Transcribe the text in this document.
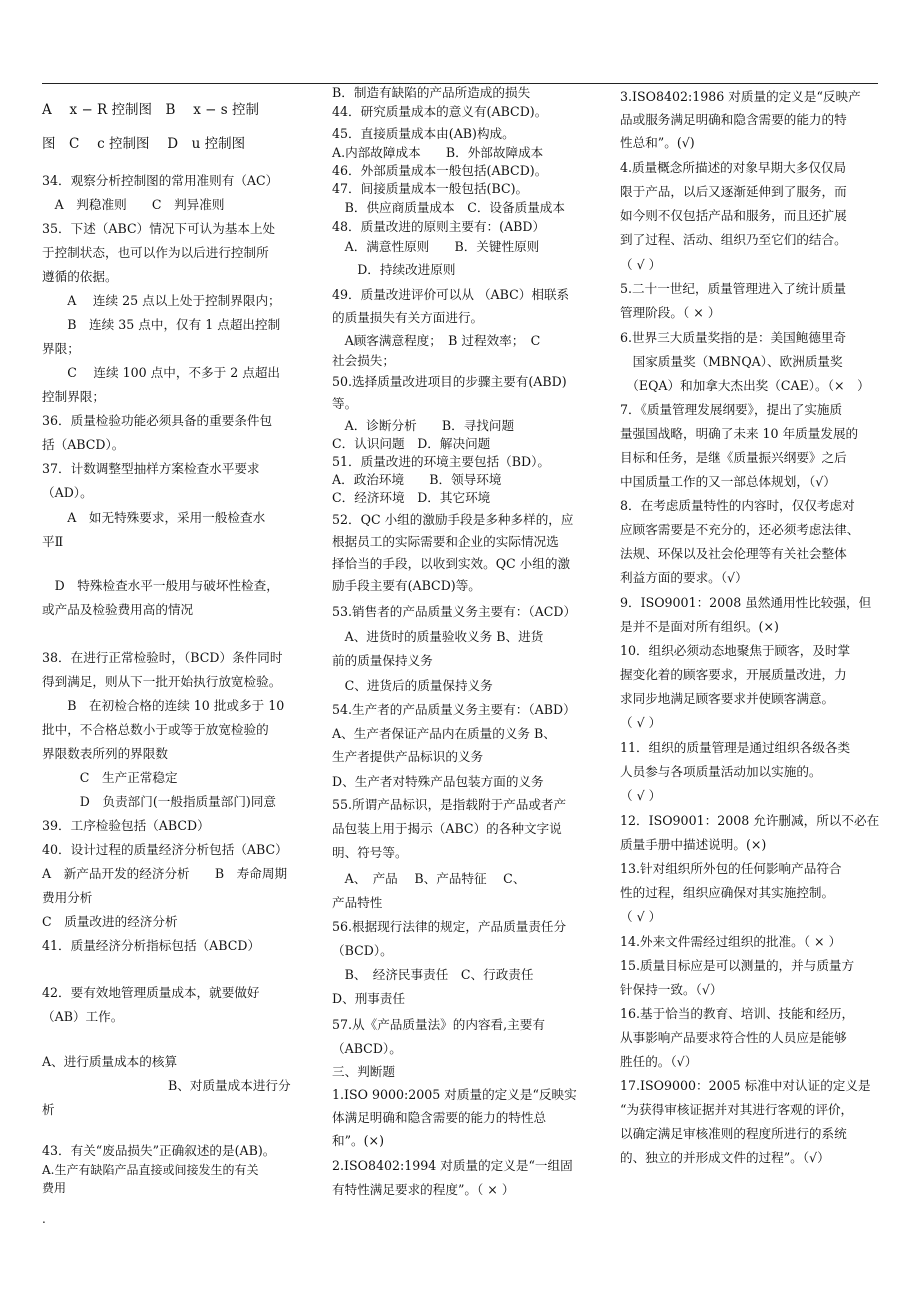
A　 x − R 控制图　B　 x − s 控制
图　C　 c 控制图　 D　u 控制图
34．观察分析控制图的常用准则有（AC）
　A　判稳准则　　C　判异准则
35．下述（ABC）情况下可认为基本上处
于控制状态，也可以作为以后进行控制所
遵循的依据。
　　A　 连续 25 点以上处于控制界限内；
　　B　连续 35 点中，仅有 1 点超出控制
界限；
　　C　 连续 100 点中，不多于 2 点超出
控制界限；
36．质量检验功能必须具备的重要条件包
括（ABCD）。
37．计数调整型抽样方案检查水平要求
（AD）。
　　A　如无特殊要求，采用一般检查水
平Ⅱ
　D　特殊检查水平一般用与破坏性检查，
或产品及检验费用高的情况
38．在进行正常检验时，（BCD）条件同时
得到满足，则从下一批开始执行放宽检验。
　　B　在初检合格的连续 10 批或多于 10
批中，不合格总数小于或等于放宽检验的
界限数表所列的界限数
　　　C　生产正常稳定
　　　D　负责部门(一般指质量部门)同意
39．工序检验包括（ABCD）
40．设计过程的质量经济分析包括（ABC）
A　新产品开发的经济分析　　B　寿命周期
费用分析
C　质量改进的经济分析
41．质量经济分析指标包括（ABCD）
42．要有效地管理质量成本，就要做好
（AB）工作。
A、进行质量成本的核算
B、对质量成本进行分
析
43．有关“废品损失”正确叙述的是(AB)。
A.生产有缺陷产品直接或间接发生的有关
费用
B．制造有缺陷的产品所造成的损失
44．研究质量成本的意义有(ABCD)。
45．直接质量成本由(AB)构成。
A.内部故障成本　　B．外部故障成本
46．外部质量成本一般包括(ABCD)。
47．间接质量成本一般包括(BC)。
　B．供应商质量成本　C．设备质量成本
48．质量改进的原则主要有：(ABD）
　A．满意性原则　　B．关键性原则
　　D．持续改进原则
49．质量改进评价可以从 （ABC）相联系
的质量损失有关方面进行。
　A顾客满意程度；　B 过程效率；　C
社会损失；
50.选择质量改进项目的步骤主要有(ABD)
等。
　A．诊断分析　　B．寻找问题
C．认识问题　D．解决问题
51．质量改进的环境主要包括（BD）。
A．政治环境　　B．领导环境
C．经济环境　D．其它环境
52．QC 小组的激励手段是多种多样的，应
根据员工的实际需要和企业的实际情况选
择恰当的手段，以收到实效。QC 小组的激
励手段主要有(ABCD)等。
53.销售者的产品质量义务主要有：（ACD）
　A、进货时的质量验收义务 B、进货
前的质量保持义务
　C、进货后的质量保持义务
54.生产者的产品质量义务主要有：（ABD）
A、生产者保证产品内在质量的义务 B、
生产者提供产品标识的义务
D、生产者对特殊产品包装方面的义务
55.所谓产品标识，是指载附于产品或者产
品包装上用于揭示（ABC）的各种文字说
明、符号等。
　A、　产品　 B、产品特征　 C、
产品特性
56.根据现行法律的规定，产品质量责任分
（BCD）。
　B、　经济民事责任　C、行政责任
D、刑事责任
57.从《产品质量法》的内容看,主要有
（ABCD）。
三、判断题
1.ISO 9000:2005 对质量的定义是“反映实
体满足明确和隐含需要的能力的特性总
和”。(×)
2.ISO8402:1994 对质量的定义是“一组固
有特性满足要求的程度”。（ × ）
3.ISO8402:1986 对质量的定义是“反映产
品或服务满足明确和隐含需要的能力的特
性总和”。(√)
4.质量概念所描述的对象早期大多仅仅局
限于产品，以后又逐渐延伸到了服务，而
如今则不仅包括产品和服务，而且还扩展
到了过程、活动、组织乃至它们的结合。
（ √ ）
5.二十一世纪，质量管理进入了统计质量
管理阶段。（ × ）
6.世界三大质量奖指的是：美国鲍德里奇
　国家质量奖（MBNQA）、欧洲质量奖
　（EQA）和加拿大杰出奖（CAE）。（×　）
7．《质量管理发展纲要》，提出了实施质
量强国战略，明确了未来 10 年质量发展的
目标和任务，是继《质量振兴纲要》之后
中国质量工作的又一部总体规划，（√）
8．在考虑质量特性的内容时，仅仅考虑对
应顾客需要是不充分的，还必须考虑法律、
法规、环保以及社会伦理等有关社会整体
利益方面的要求。（√）
9．ISO9001：2008 虽然通用性比较强，但
是并不是面对所有组织。(×)
10．组织必须动态地聚焦于顾客，及时掌
握变化着的顾客要求，开展质量改进，力
求同步地满足顾客要求并使顾客满意。
（ √ ）
11．组织的质量管理是通过组织各级各类
人员参与各项质量活动加以实施的。
（ √ ）
12．ISO9001：2008 允许删减，所以不必在
质量手册中描述说明。(×)
13.针对组织所外包的任何影响产品符合
性的过程，组织应确保对其实施控制。
（ √ ）
14.外来文件需经过组织的批准。（ × ）
15.质量目标应是可以测量的，并与质量方
针保持一致。（√）
16.基于恰当的教育、培训、技能和经历，
从事影响产品要求符合性的人员应是能够
胜任的。（√）
17.ISO9000：2005 标准中对认证的定义是
“为获得审核证据并对其进行客观的评价，
以确定满足审核准则的程度所进行的系统
的、独立的并形成文件的过程”。（√）
.
